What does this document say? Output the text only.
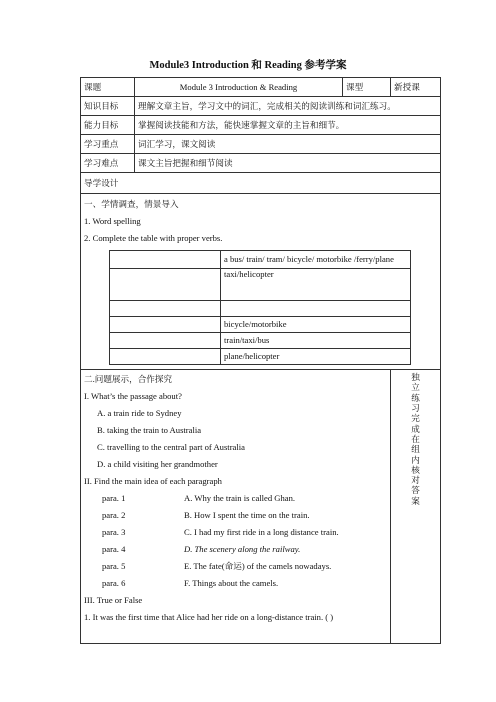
Module3 Introduction 和 Reading 参考学案
课题	Module 3 Introduction & Reading	课型	新授课
知识目标	理解文章主旨，学习文中的词汇，完成相关的阅读训练和词汇练习。
能力目标	掌握阅读技能和方法，能快速掌握文章的主旨和细节。
学习重点	词汇学习，课文阅读
学习难点	课文主旨把握和细节阅读
导学设计

一、学情调查，情景导入
1. Word spelling
2. Complete the table with proper verbs.
	a bus/ train/ tram/ bicycle/ motorbike /ferry/plane
	taxi/helicopter

	bicycle/motorbike
	train/taxi/bus
	plane/helicopter

二.问题展示，合作探究
I. What’s the passage about?
A. a train ride to Sydney
B. taking the train to Australia
C. travelling to the central part of Australia
D. a child visiting her grandmother
II. Find the main idea of each paragraph
para. 1	A. Why the train is called Ghan.
para. 2	B. How I spent the time on the train.
para. 3	C. I had my first ride in a long distance train.
para. 4	D. The scenery along the railway.
para. 5	E. The fate(命运) of the camels nowadays.
para. 6	F. Things about the camels.
III. True or False
1. It was the first time that Alice had her ride on a long-distance train. ( )

独
立
练
习
完
成
在
组
内
核
对
答
案
